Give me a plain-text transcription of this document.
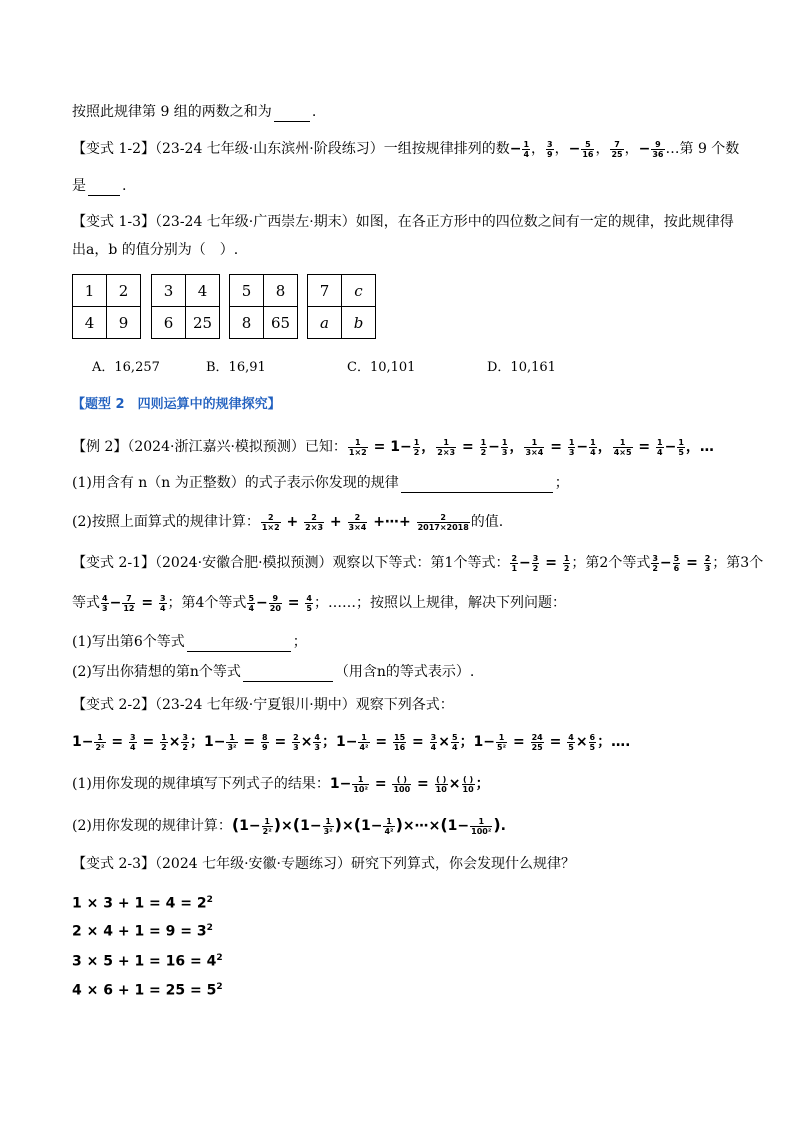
按照此规律第 9 组的两数之和为	.
【变式 1-2】（23-24 七年级·山东滨州·阶段练习）一组按规律排列的数− $\frac{1}{4}$ ， $\frac{3}{9}$ ，− $\frac{5}{16}$ ， $\frac{7}{25}$ ，− $\frac{9}{36}$ …第 9 个数
是	.
【变式 1-3】（23-24 七年级·广西崇左·期末）如图，在各正方形中的四位数之间有一定的规律，按此规律得
出a，b 的值分别为（　）.
1	2
4	9
3	4
6	25
5	8
8	65
7	c
a	b
A．16,257	B．16,91	C．10,101	D．10,161
【题型 2　四则运算中的规律探究】
【例 2】（2024·浙江嘉兴·模拟预测）已知： $\frac{1}{1\times 2} = 1- \frac{1}{2}$ ， $\frac{1}{2\times 3} = \frac{1}{2} - \frac{1}{3}$ ， $\frac{1}{3\times 4} = \frac{1}{3} - \frac{1}{4}$ ， $\frac{1}{4\times 5} = \frac{1}{4} - \frac{1}{5}$ ，…
(1)用含有 n（n 为正整数）的式子表示你发现的规律	；
(2)按照上面算式的规律计算： $\frac{2}{1\times 2} + \frac{2}{2\times 3} + \frac{2}{3\times 4}$ +⋯+ $\frac{2}{2017\times 2018}$ 的值.
【变式 2-1】（2024·安徽合肥·模拟预测）观察以下等式：第1个等式： $\frac{2}{1} - \frac{3}{2} = \frac{1}{2}$ ；第2个等式 $\frac{3}{2} - \frac{5}{6} = \frac{2}{3}$ ；第3个
等式 $\frac{4}{3} - \frac{7}{12} = \frac{3}{4}$ ；第4个等式 $\frac{5}{4} - \frac{9}{20} = \frac{4}{5}$ ；……；按照以上规律，解决下列问题：
(1)写出第6个等式	；
(2)写出你猜想的第n个等式	（用含n的等式表示）.
【变式 2-2】（23-24 七年级·宁夏银川·期中）观察下列各式：
$1- \frac{1}{\text{2²}} = \frac{3}{4} = \frac{1}{2} \times \frac{3}{2}$ ；$1- \frac{1}{\text{3²}} = \frac{8}{9} = \frac{2}{3} \times \frac{4}{3}$ ；$1- \frac{1}{\text{4²}} = \frac{15}{16} = \frac{3}{4} \times \frac{5}{4}$ ；$1- \frac{1}{\text{5²}} = \frac{24}{25} = \frac{4}{5} \times \frac{6}{5}$ ；….
(1)用你发现的规律填写下列式子的结果：$1- \frac{1}{\text{10²}} = \frac{( )}{100} = \frac{( )}{10} \times \frac{( )}{10}$ ；
(2)用你发现的规律计算：$(1- \frac{1}{\text{2²}} )\times(1- \frac{1}{\text{3²}} )\times(1- \frac{1}{\text{4²}}$ )×⋯×(1− $\frac{1}{\text{100²}}$ ).
【变式 2-3】（2024 七年级·安徽·专题练习）研究下列算式，你会发现什么规律？
$1 \times 3 + 1 = 4 = 2^2$
$2 \times 4 + 1 = 9 = 3^2$
$3 \times 5 + 1 = 16 = 4^2$
$4 \times 6 + 1 = 25 = 5^2$
